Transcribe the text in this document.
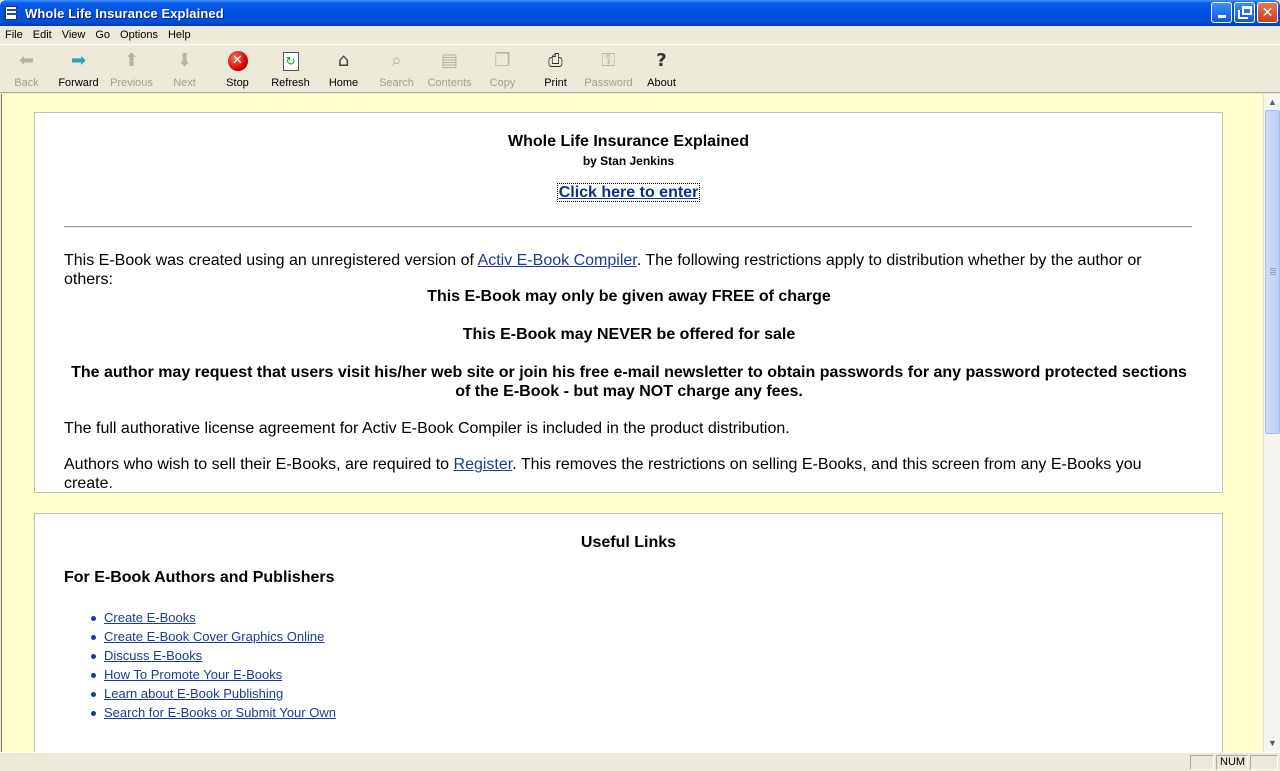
Whole Life Insurance Explained	✕
File Edit View Go Options Help
⬅
Back
➡
Forward
⬆
Previous
⬇
Next
✕
Stop
↻
Refresh
⌂
Home
⌕
Search
▤
Contents
❐
Copy
⎙
Print
⚿
Password
?
About
Whole Life Insurance Explained
by Stan Jenkins
Click here to enter
This E-Book was created using an unregistered version of Activ E-Book Compiler. The following restrictions apply to distribution whether by the author or others:
This E-Book may only be given away FREE of charge
This E-Book may NEVER be offered for sale
The author may request that users visit his/her web site or join his free e-mail newsletter to obtain passwords for any password protected sections of the E-Book - but may NOT charge any fees.
The full authorative license agreement for Activ E-Book Compiler is included in the product distribution.
Authors who wish to sell their E-Books, are required to Register. This removes the restrictions on selling E-Books, and this screen from any E-Books you create.
Useful Links
For E-Book Authors and Publishers
Create E-Books
Create E-Book Cover Graphics Online
Discuss E-Books
How To Promote Your E-Books
Learn about E-Book Publishing
Search for E-Books or Submit Your Own
▲
▼
NUM
